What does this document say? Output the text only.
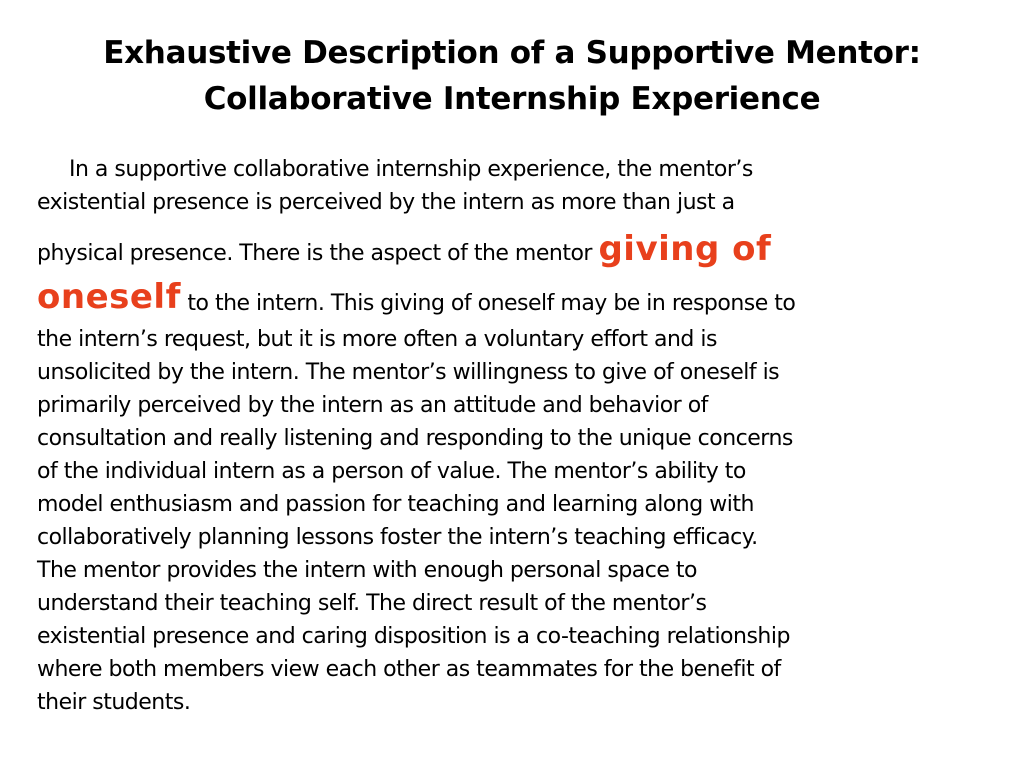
Exhaustive Description of a Supportive Mentor:
Collaborative Internship Experience
In a supportive collaborative internship experience, the mentor’s
existential presence is perceived by the intern as more than just a
physical presence. There is the aspect of the mentor giving of
oneself to the intern. This giving of oneself may be in response to
the intern’s request, but it is more often a voluntary effort and is
unsolicited by the intern. The mentor’s willingness to give of oneself is
primarily perceived by the intern as an attitude and behavior of
consultation and really listening and responding to the unique concerns
of the individual intern as a person of value. The mentor’s ability to
model enthusiasm and passion for teaching and learning along with
collaboratively planning lessons foster the intern’s teaching efficacy.
The mentor provides the intern with enough personal space to
understand their teaching self. The direct result of the mentor’s
existential presence and caring disposition is a co-teaching relationship
where both members view each other as teammates for the benefit of
their students.
